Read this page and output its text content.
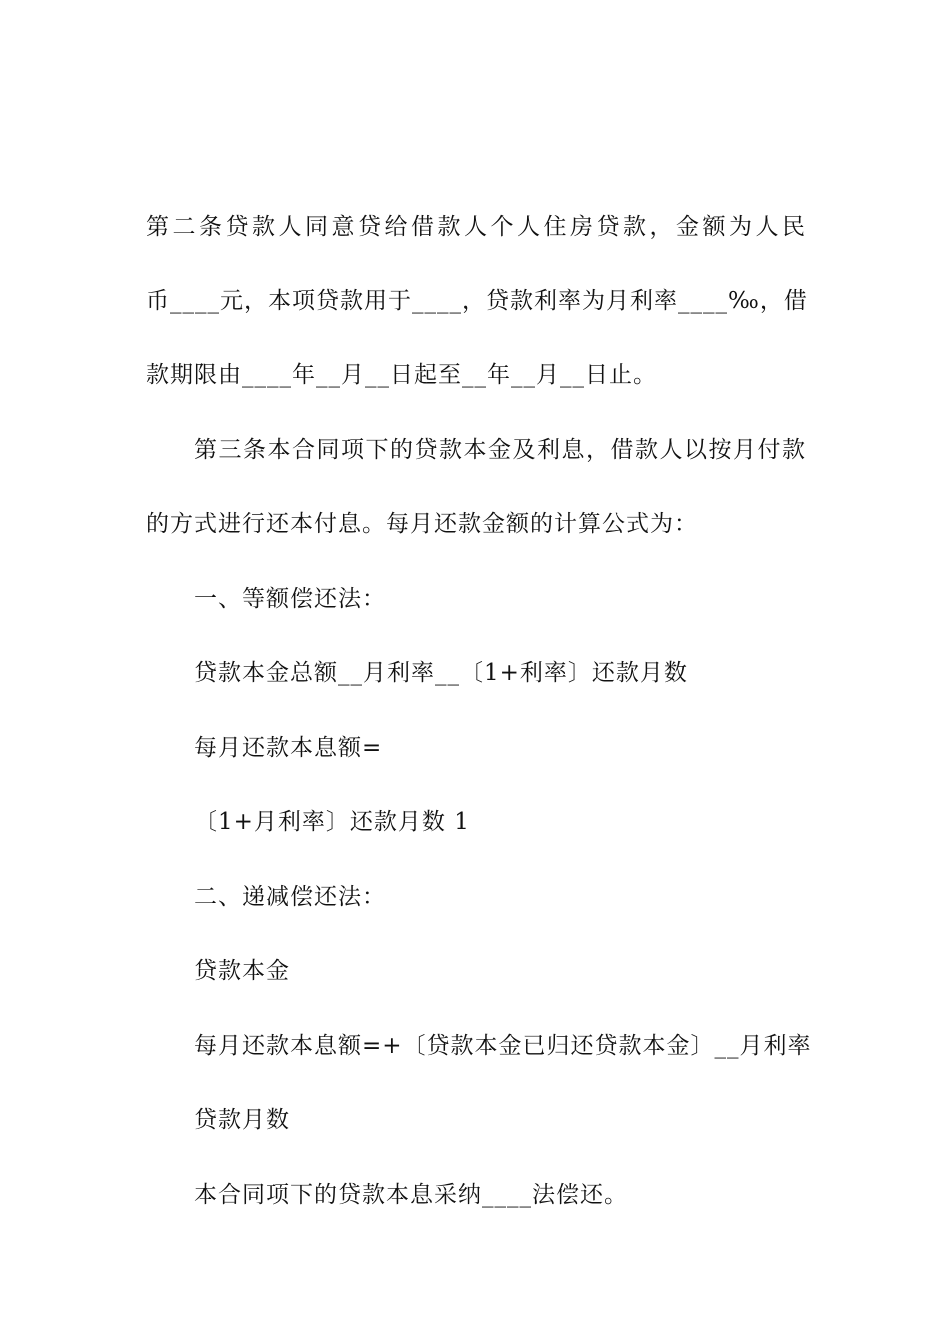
第二条贷款人同意贷给借款人个人住房贷款，金额为人民
币____元，本项贷款用于____，贷款利率为月利率____‰，借
款期限由____年__月__日起至__年__月__日止。
第三条本合同项下的贷款本金及利息，借款人以按月付款
的方式进行还本付息。每月还款金额的计算公式为：
一、等额偿还法：
贷款本金总额__月利率__〔1+利率〕还款月数
每月还款本息额=
〔1+月利率〕还款月数 1
二、递减偿还法：
贷款本金
每月还款本息额=+〔贷款本金已归还贷款本金〕__月利率
贷款月数
本合同项下的贷款本息采纳____法偿还。
